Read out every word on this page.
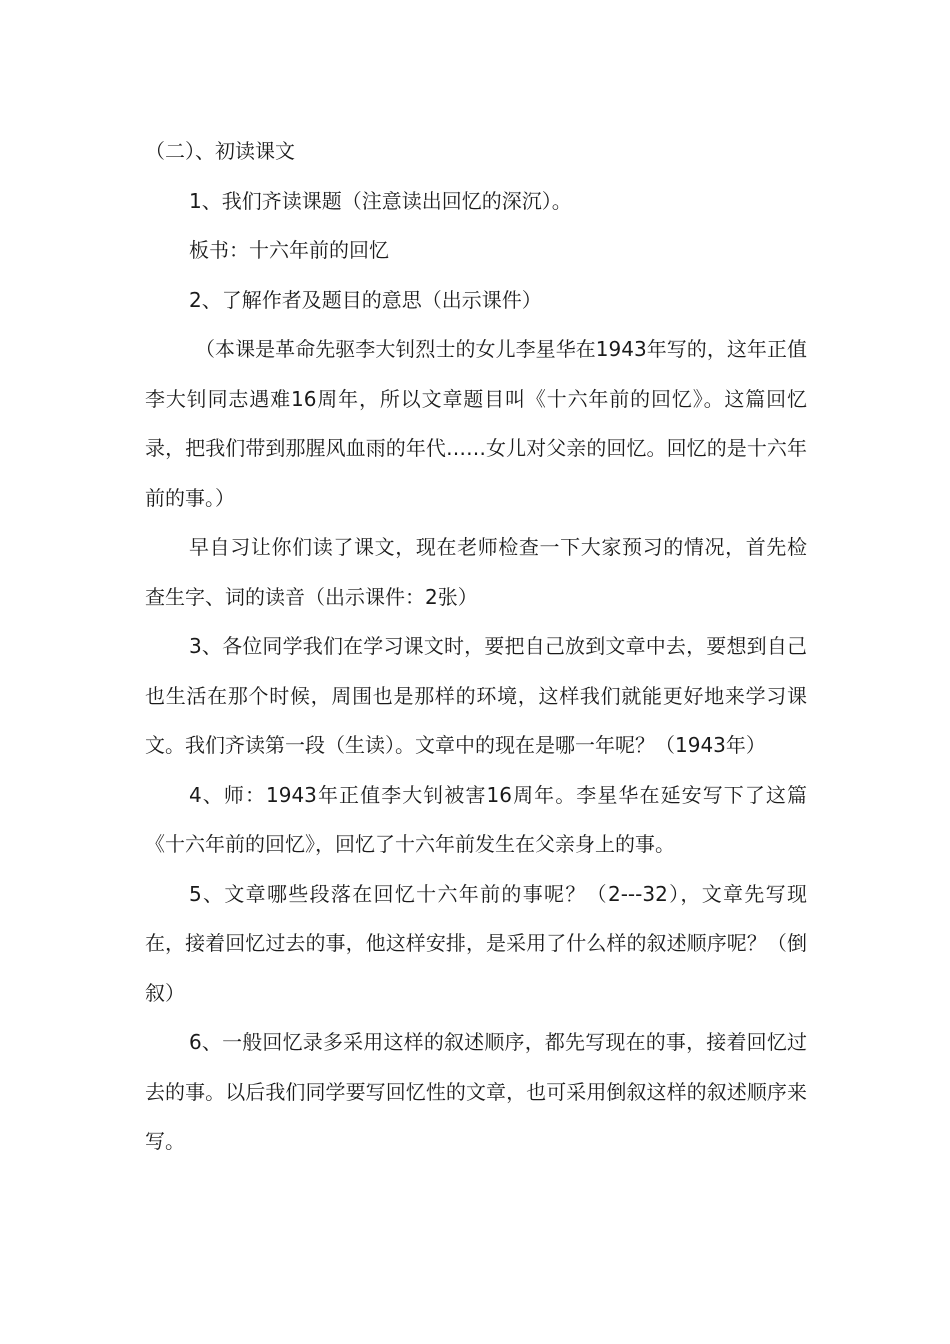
（二）、初读课文

1、我们齐读课题（注意读出回忆的深沉）。

板书：十六年前的回忆

2、了解作者及题目的意思（出示课件）

（本课是革命先驱李大钊烈士的女儿李星华在1943年写的，这年正值李大钊同志遇难16周年，所以文章题目叫《十六年前的回忆》。这篇回忆录，把我们带到那腥风血雨的年代……女儿对父亲的回忆。回忆的是十六年前的事。）

早自习让你们读了课文，现在老师检查一下大家预习的情况，首先检查生字、词的读音（出示课件：2张）

3、各位同学我们在学习课文时，要把自己放到文章中去，要想到自己也生活在那个时候，周围也是那样的环境，这样我们就能更好地来学习课文。我们齐读第一段（生读）。文章中的现在是哪一年呢？（1943年）

4、师：1943年正值李大钊被害16周年。李星华在延安写下了这篇《十六年前的回忆》，回忆了十六年前发生在父亲身上的事。

5、文章哪些段落在回忆十六年前的事呢？（2---32），文章先写现在，接着回忆过去的事，他这样安排，是采用了什么样的叙述顺序呢？（倒叙）

6、一般回忆录多采用这样的叙述顺序，都先写现在的事，接着回忆过去的事。以后我们同学要写回忆性的文章，也可采用倒叙这样的叙述顺序来写。
